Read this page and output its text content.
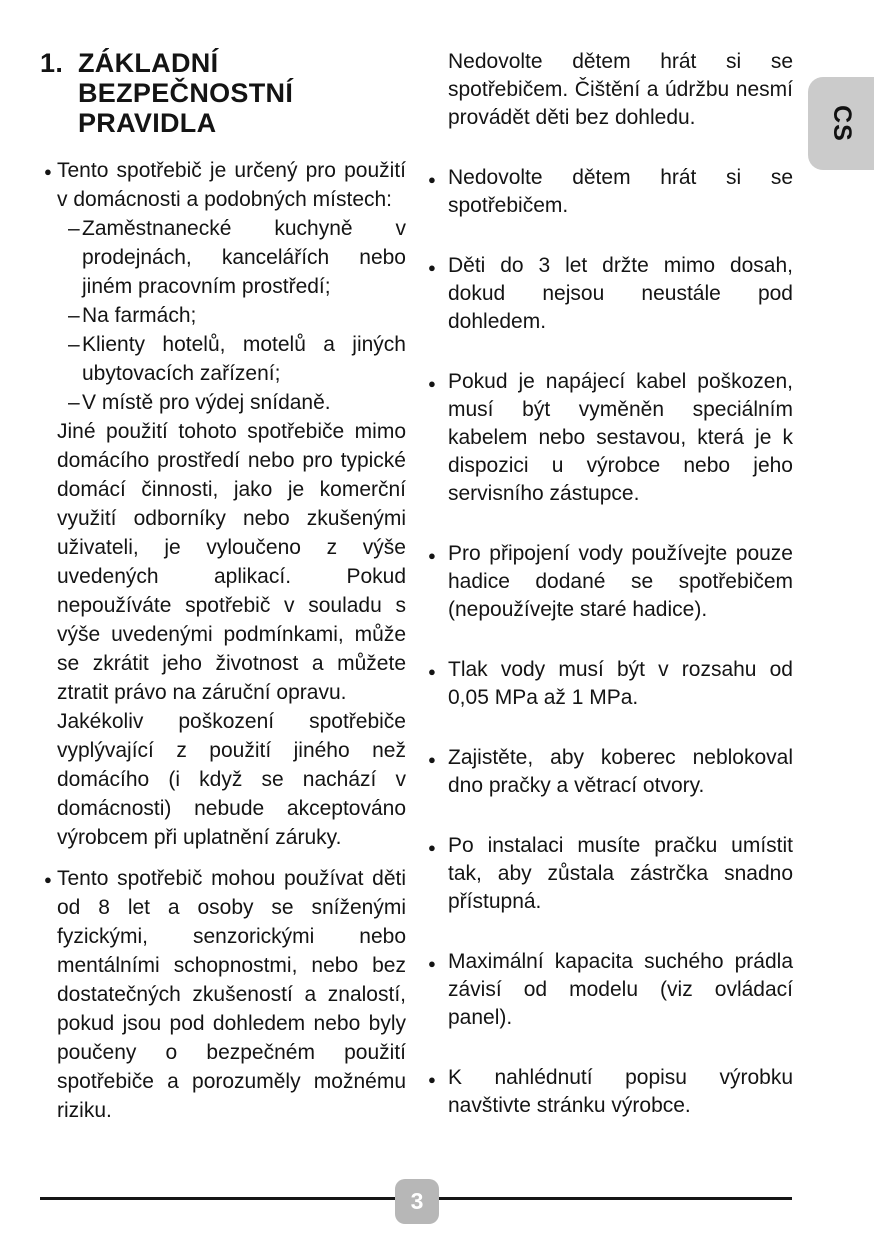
1. ZÁKLADNÍ
BEZPEČNOSTNÍ
PRAVIDLA

● Tento spotřebič je určený pro použití v domácnosti a podobných místech:

– Zaměstnanecké kuchyně v prodejnách, kancelářích nebo jiném pracovním prostředí;

– Na farmách;

– Klienty hotelů, motelů a jiných ubytovacích zařízení;

– V místě pro výdej snídaně.

Jiné použití tohoto spotřebiče mimo domácího prostředí nebo pro typické domácí činnosti, jako je komerční využití odborníky nebo zkušenými uživateli, je vyloučeno z výše uvedených aplikací. Pokud nepoužíváte spotřebič v souladu s výše uvedenými podmínkami, může se zkrátit jeho životnost a můžete ztratit právo na záruční opravu.

Jakékoliv poškození spotřebiče vyplývající z použití jiného než domácího (i když se nachází v domácnosti) nebude akceptováno výrobcem při uplatnění záruky.

● Tento spotřebič mohou používat děti od 8 let a osoby se sníženými fyzickými, senzorickými nebo mentálními schopnostmi, nebo bez dostatečných zkušeností a znalostí, pokud jsou pod dohledem nebo byly poučeny o bezpečném použití spotřebiče a porozuměly možnému riziku.

Nedovolte dětem hrát si se spotřebičem. Čištění a údržbu nesmí provádět děti bez dohledu.

● Nedovolte dětem hrát si se spotřebičem.

● Děti do 3 let držte mimo dosah, dokud nejsou neustále pod dohledem.

● Pokud je napájecí kabel poškozen, musí být vyměněn speciálním kabelem nebo sestavou, která je k dispozici u výrobce nebo jeho servisního zástupce.

● Pro připojení vody používejte pouze hadice dodané se spotřebičem (nepoužívejte staré hadice).

● Tlak vody musí být v rozsahu od 0,05 MPa až 1 MPa.

● Zajistěte, aby koberec neblokoval dno pračky a větrací otvory.

● Po instalaci musíte pračku umístit tak, aby zůstala zástrčka snadno přístupná.

● Maximální kapacita suchého prádla závisí od modelu (viz ovládací panel).

● K nahlédnutí popisu výrobku navštivte stránku výrobce.

CS
3
